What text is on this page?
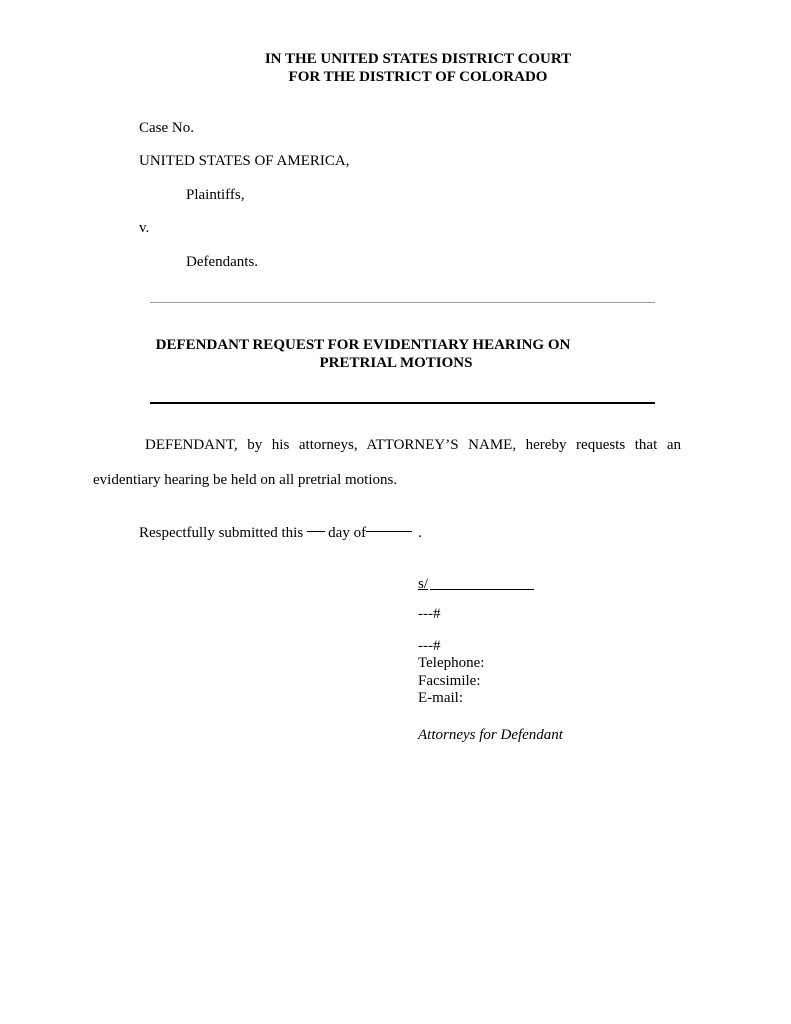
IN THE UNITED STATES DISTRICT COURT
FOR THE DISTRICT OF COLORADO
Case No.
UNITED STATES OF AMERICA,
Plaintiffs,
v.
Defendants.
DEFENDANT REQUEST FOR EVIDENTIARY HEARING ON
PRETRIAL MOTIONS
DEFENDANT, by his attorneys, ATTORNEY’S NAME, hereby requests that an
evidentiary hearing be held on all pretrial motions.
Respectfully submitted this day of	.
s/
---#
---#
Telephone:
Facsimile:
E-mail:
Attorneys for Defendant
